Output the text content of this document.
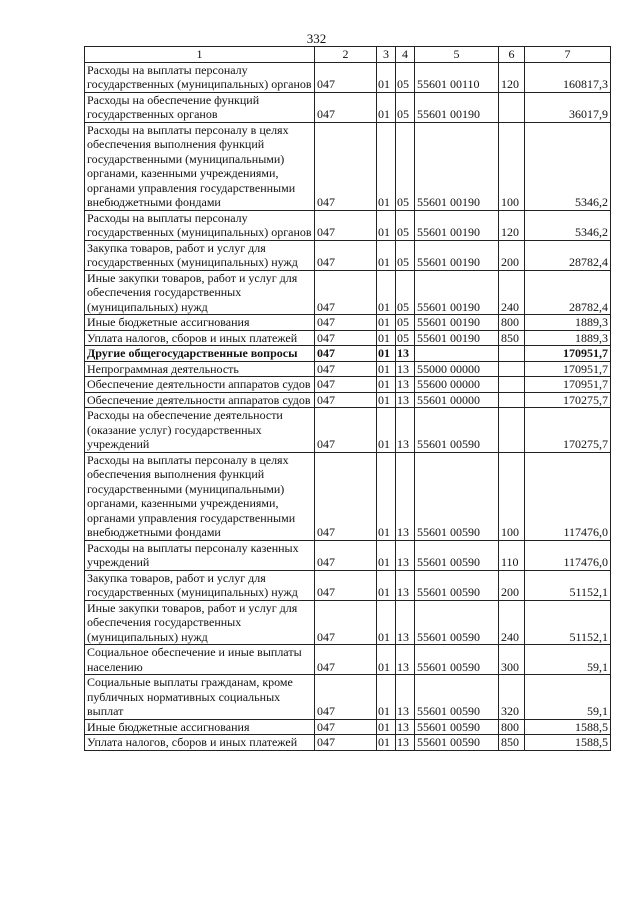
332
1	2	3	4	5	6	7
Расходы на выплаты персоналу государственных (муниципальных) органов	047	01	05	55601 00110	120	160817,3
Расходы на обеспечение функций государственных органов	047	01	05	55601 00190		36017,9
Расходы на выплаты персоналу в целях обеспечения выполнения функций государственными (муниципальными) органами, казенными учреждениями, органами управления государственными внебюджетными фондами	047	01	05	55601 00190	100	5346,2
Расходы на выплаты персоналу государственных (муниципальных) органов	047	01	05	55601 00190	120	5346,2
Закупка товаров, работ и услуг для государственных (муниципальных) нужд	047	01	05	55601 00190	200	28782,4
Иные закупки товаров, работ и услуг для обеспечения государственных (муниципальных) нужд	047	01	05	55601 00190	240	28782,4
Иные бюджетные ассигнования	047	01	05	55601 00190	800	1889,3
Уплата налогов, сборов и иных платежей	047	01	05	55601 00190	850	1889,3
Другие общегосударственные вопросы	047	01	13			170951,7
Непрограммная деятельность	047	01	13	55000 00000		170951,7
Обеспечение деятельности аппаратов судов	047	01	13	55600 00000		170951,7
Обеспечение деятельности аппаратов судов	047	01	13	55601 00000		170275,7
Расходы на обеспечение деятельности (оказание услуг) государственных учреждений	047	01	13	55601 00590		170275,7
Расходы на выплаты персоналу в целях обеспечения выполнения функций государственными (муниципальными) органами, казенными учреждениями, органами управления государственными внебюджетными фондами	047	01	13	55601 00590	100	117476,0
Расходы на выплаты персоналу казенных учреждений	047	01	13	55601 00590	110	117476,0
Закупка товаров, работ и услуг для государственных (муниципальных) нужд	047	01	13	55601 00590	200	51152,1
Иные закупки товаров, работ и услуг для обеспечения государственных (муниципальных) нужд	047	01	13	55601 00590	240	51152,1
Социальное обеспечение и иные выплаты населению	047	01	13	55601 00590	300	59,1
Социальные выплаты гражданам, кроме публичных нормативных социальных выплат	047	01	13	55601 00590	320	59,1
Иные бюджетные ассигнования	047	01	13	55601 00590	800	1588,5
Уплата налогов, сборов и иных платежей	047	01	13	55601 00590	850	1588,5
